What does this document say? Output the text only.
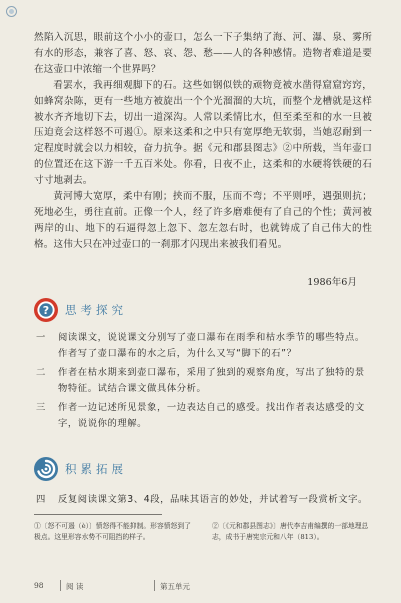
然陷入沉思，眼前这个小小的壶口，怎么一下子集纳了海、河、瀑、泉、雾所有水的形态，兼容了喜、怒、哀、怨、愁——人的各种感情。造物者难道是要在这壶口中浓缩一个世界吗？

看罢水，我再细观脚下的石。这些如钢似铁的顽物竟被水凿得窟窟窍窍，如蜂窝杂陈，更有一些地方被旋出一个个光溜溜的大坑，而整个龙槽就是这样被水齐齐地切下去，切出一道深沟。人常以柔情比水，但至柔至和的水一旦被压迫竟会这样怒不可遏①。原来这柔和之中只有宽厚绝无软弱，当她忍耐到一定程度时就会以力相较，奋力抗争。据《元和郡县图志》②中所载，当年壶口的位置还在这下游一千五百米处。你看，日夜不止，这柔和的水硬将铁硬的石寸寸地剥去。

黄河博大宽厚，柔中有刚；挟而不服，压而不弯；不平则呼，遇强则抗；死地必生，勇往直前。正像一个人，经了许多磨难便有了自己的个性；黄河被两岸的山、地下的石逼得忽上忽下、忽左忽右时，也就铸成了自己伟大的性格。这伟大只在冲过壶口的一刹那才闪现出来被我们看见。

1986年6月
? 思考探究
一	阅读课文，说说课文分别写了壶口瀑布在雨季和枯水季节的哪些特点。作者写了壶口瀑布的水之后，为什么又写“脚下的石”？
二	作者在枯水期来到壶口瀑布，采用了独到的观察角度，写出了独特的景物特征。试结合课文做具体分析。
三	作者一边记述所见景象，一边表达自己的感受。找出作者表达感受的文字，说说你的理解。
积累拓展
四	反复阅读课文第3、4段，品味其语言的妙处，并试着写一段赏析文字。
①〔怒不可遏（è）〕愤怒得不能抑制。形容愤怒到了极点。这里形容水势不可阻挡的样子。
②〔《元和郡县图志》〕唐代李吉甫编撰的一部地理总志，成书于唐宪宗元和八年（813）。
98	阅 读	第五单元
